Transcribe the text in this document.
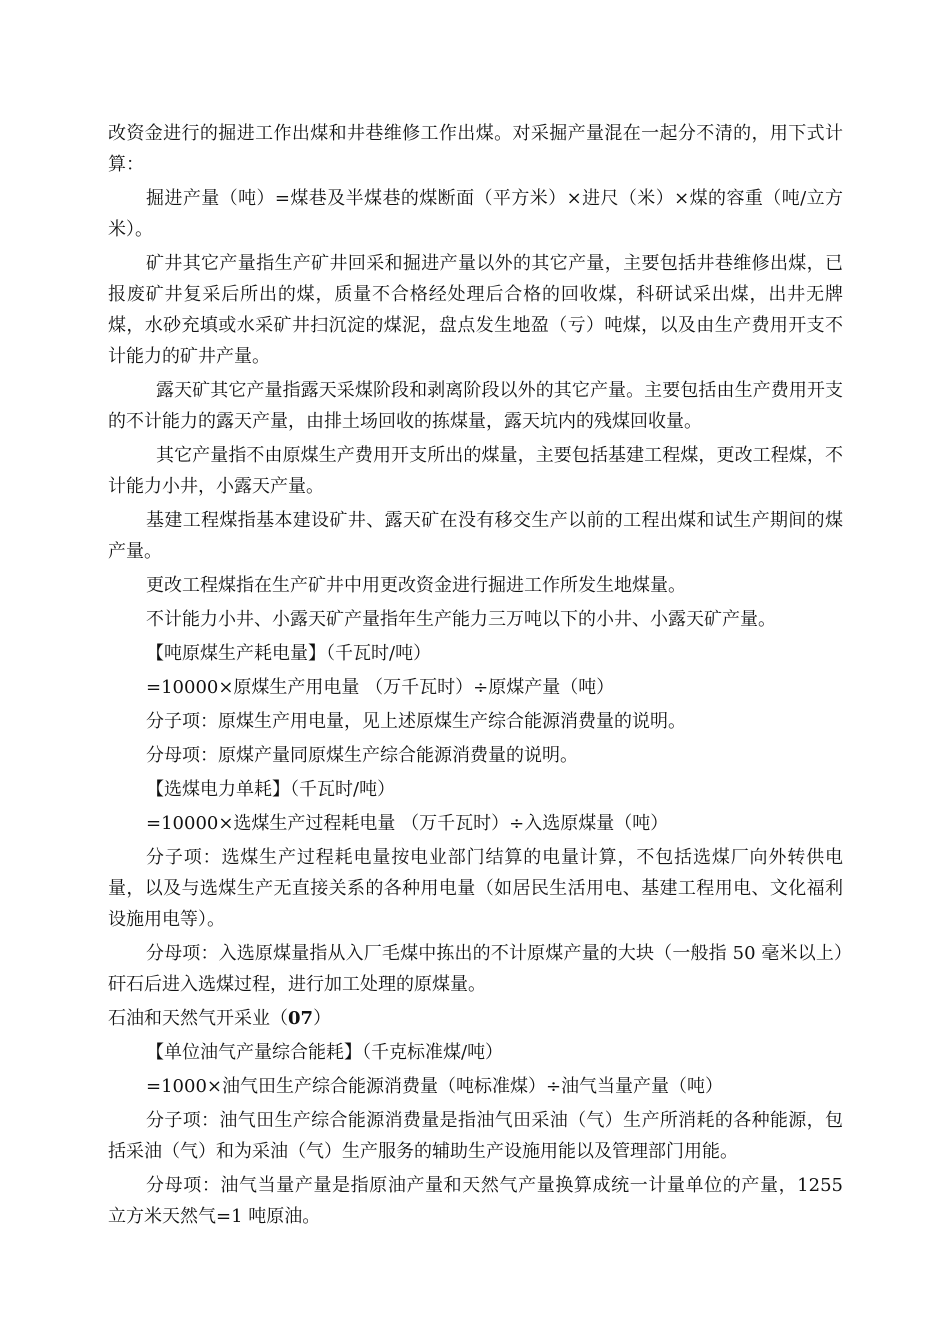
改资金进行的掘进工作出煤和井巷维修工作出煤。对采掘产量混在一起分不清的，用下式计算：

掘进产量（吨）=煤巷及半煤巷的煤断面（平方米）×进尺（米）×煤的容重（吨/立方米）。

矿井其它产量指生产矿井回采和掘进产量以外的其它产量，主要包括井巷维修出煤，已报废矿井复采后所出的煤，质量不合格经处理后合格的回收煤，科研试采出煤，出井无牌煤，水砂充填或水采矿井扫沉淀的煤泥，盘点发生地盈（亏）吨煤，以及由生产费用开支不计能力的矿井产量。

露天矿其它产量指露天采煤阶段和剥离阶段以外的其它产量。主要包括由生产费用开支的不计能力的露天产量，由排土场回收的拣煤量，露天坑内的残煤回收量。

其它产量指不由原煤生产费用开支所出的煤量，主要包括基建工程煤，更改工程煤，不计能力小井，小露天产量。

基建工程煤指基本建设矿井、露天矿在没有移交生产以前的工程出煤和试生产期间的煤产量。

更改工程煤指在生产矿井中用更改资金进行掘进工作所发生地煤量。

不计能力小井、小露天矿产量指年生产能力三万吨以下的小井、小露天矿产量。

【吨原煤生产耗电量】（千瓦时/吨）

=10000×原煤生产用电量 （万千瓦时）÷原煤产量（吨）

分子项：原煤生产用电量，见上述原煤生产综合能源消费量的说明。

分母项：原煤产量同原煤生产综合能源消费量的说明。

【选煤电力单耗】（千瓦时/吨）

=10000×选煤生产过程耗电量 （万千瓦时）÷入选原煤量（吨）

分子项：选煤生产过程耗电量按电业部门结算的电量计算，不包括选煤厂向外转供电量，以及与选煤生产无直接关系的各种用电量（如居民生活用电、基建工程用电、文化福利设施用电等）。

分母项：入选原煤量指从入厂毛煤中拣出的不计原煤产量的大块（一般指 50 毫米以上）矸石后进入选煤过程，进行加工处理的原煤量。

石油和天然气开采业（07）

【单位油气产量综合能耗】（千克标准煤/吨）

=1000×油气田生产综合能源消费量（吨标准煤）÷油气当量产量（吨）

分子项：油气田生产综合能源消费量是指油气田采油（气）生产所消耗的各种能源，包括采油（气）和为采油（气）生产服务的辅助生产设施用能以及管理部门用能。

分母项：油气当量产量是指原油产量和天然气产量换算成统一计量单位的产量，1255 立方米天然气=1 吨原油。
